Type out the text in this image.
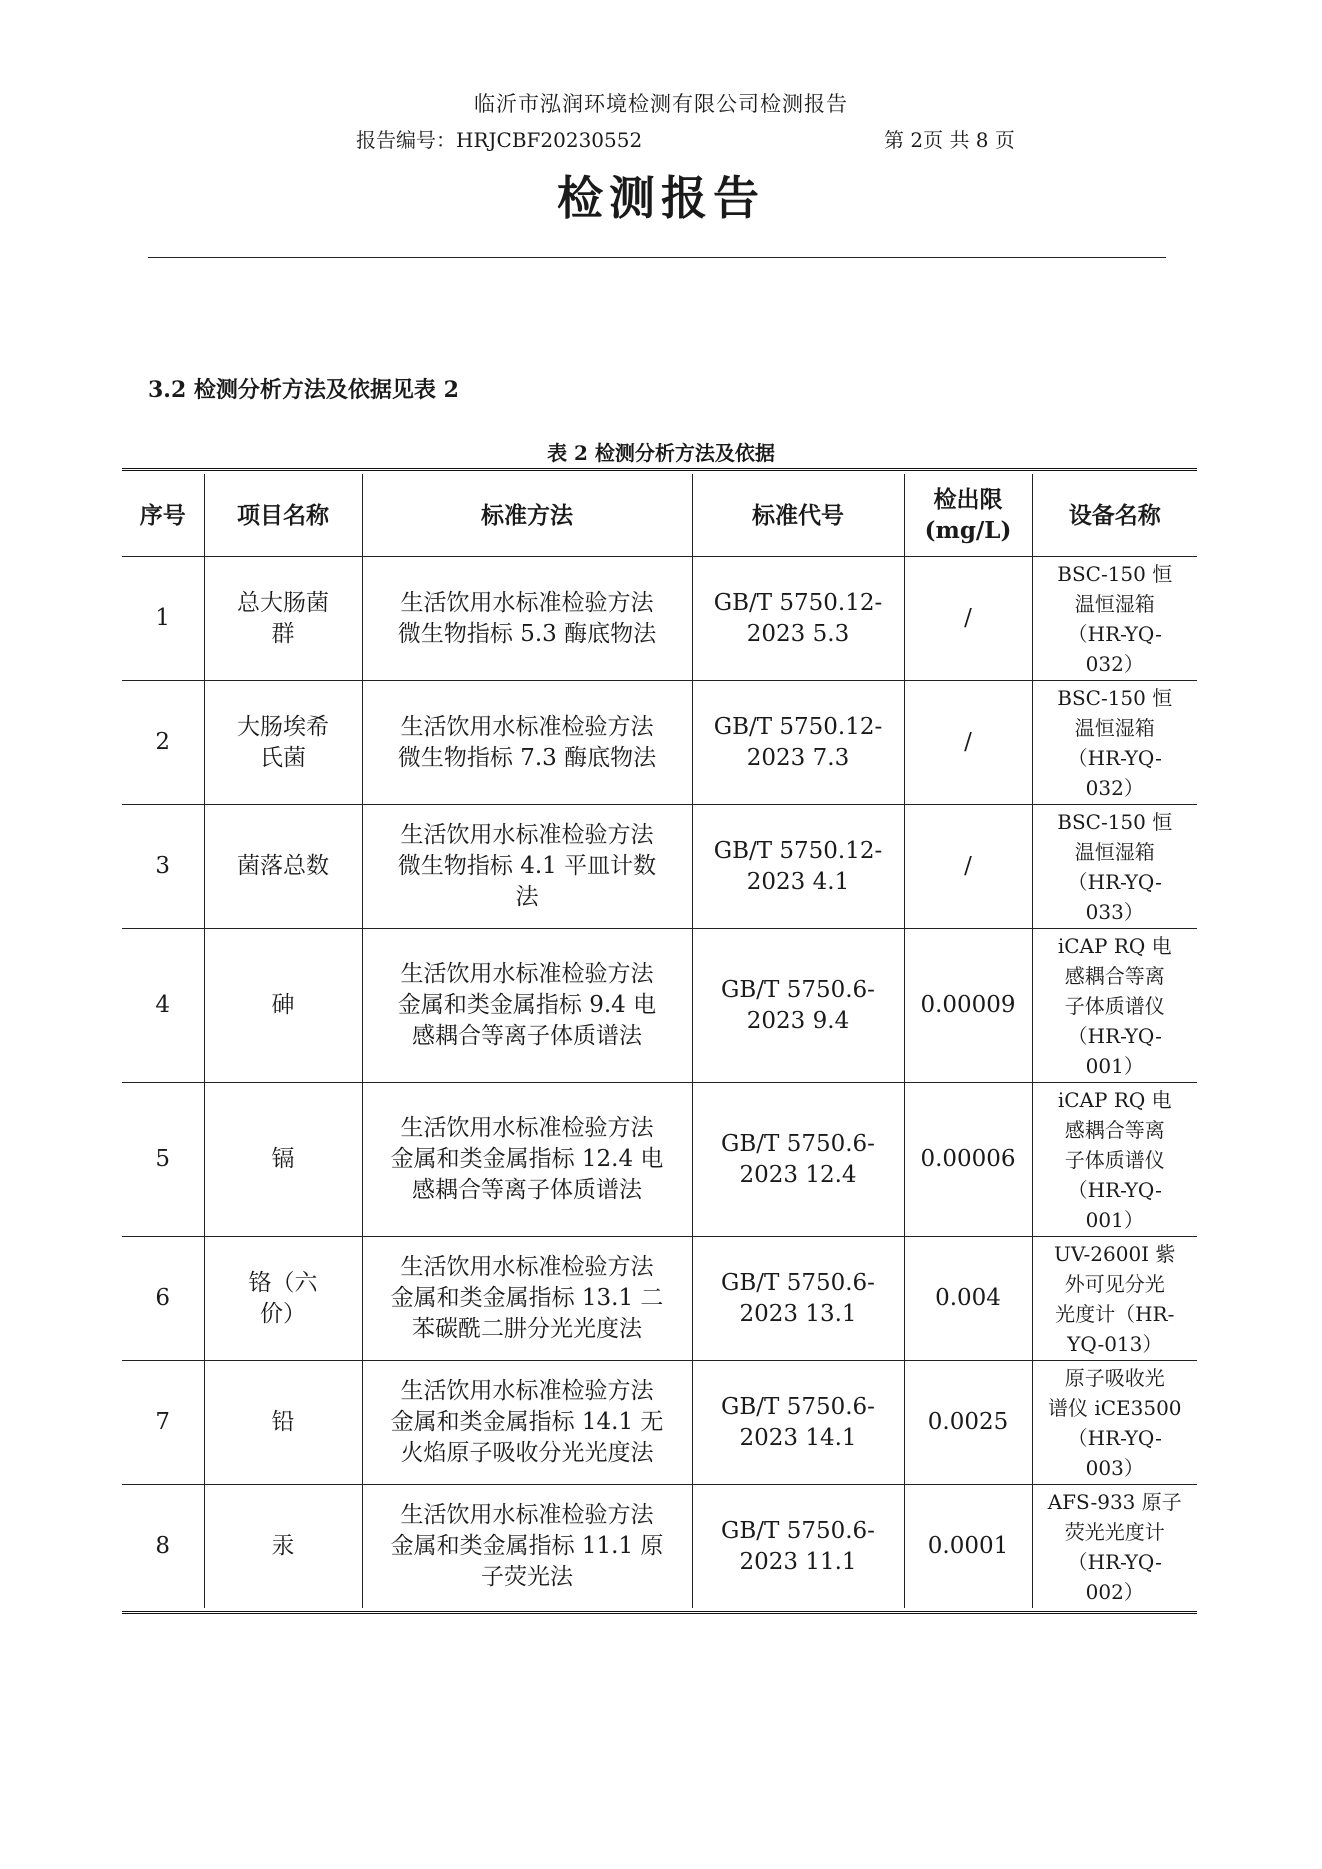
临沂市泓润环境检测有限公司检测报告
报告编号：HRJCBF20230552	第 2页 共 8 页
检测报告
3.2 检测分析方法及依据见表 2
表 2 检测分析方法及依据
序号	项目名称	标准方法	标准代号	检出限
(mg/L)	设备名称
1	总大肠菌
群	生活饮用水标准检验方法
微生物指标 5.3 酶底物法	GB/T 5750.12-
2023 5.3	/	BSC-150 恒
温恒湿箱
（HR-YQ-
032）
2	大肠埃希
氏菌	生活饮用水标准检验方法
微生物指标 7.3 酶底物法	GB/T 5750.12-
2023 7.3	/	BSC-150 恒
温恒湿箱
（HR-YQ-
032）
3	菌落总数	生活饮用水标准检验方法
微生物指标 4.1 平皿计数
法	GB/T 5750.12-
2023 4.1	/	BSC-150 恒
温恒湿箱
（HR-YQ-
033）
4	砷	生活饮用水标准检验方法
金属和类金属指标 9.4 电
感耦合等离子体质谱法	GB/T 5750.6-
2023 9.4	0.00009	iCAP RQ 电
感耦合等离
子体质谱仪
（HR-YQ-
001）
5	镉	生活饮用水标准检验方法
金属和类金属指标 12.4 电
感耦合等离子体质谱法	GB/T 5750.6-
2023 12.4	0.00006	iCAP RQ 电
感耦合等离
子体质谱仪
（HR-YQ-
001）
6	铬（六
价）	生活饮用水标准检验方法
金属和类金属指标 13.1 二
苯碳酰二肼分光光度法	GB/T 5750.6-
2023 13.1	0.004	UV-2600I 紫
外可见分光
光度计（HR-
YQ-013）
7	铅	生活饮用水标准检验方法
金属和类金属指标 14.1 无
火焰原子吸收分光光度法	GB/T 5750.6-
2023 14.1	0.0025	原子吸收光
谱仪 iCE3500
（HR-YQ-
003）
8	汞	生活饮用水标准检验方法
金属和类金属指标 11.1 原
子荧光法	GB/T 5750.6-
2023 11.1	0.0001	AFS-933 原子
荧光光度计
（HR-YQ-
002）
